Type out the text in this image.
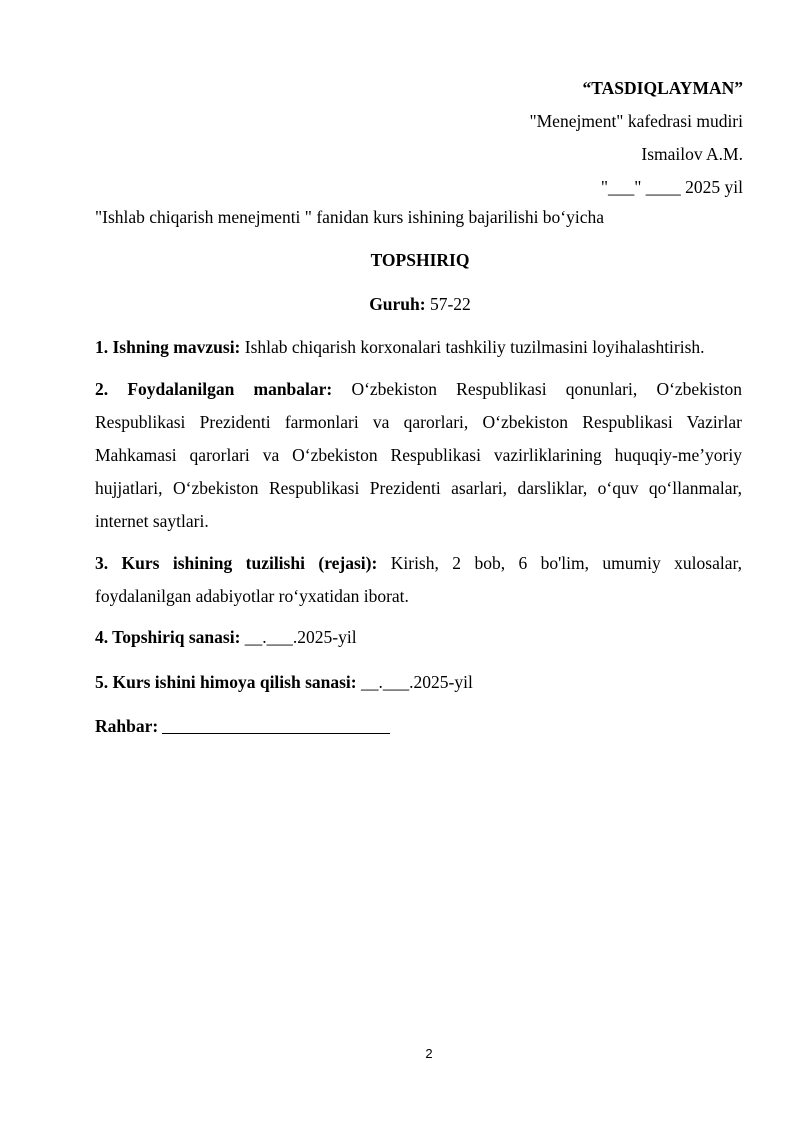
“TASDIQLAYMAN”
"Menejment" kafedrasi mudiri
Ismailov A.M.
"___" ____ 2025 yil
"Ishlab chiqarish menejmenti " fanidan kurs ishining bajarilishi bo‘yicha
TOPSHIRIQ
Guruh: 57-22
1. Ishning mavzusi: Ishlab chiqarish korxonalari tashkiliy tuzilmasini loyihalashtirish.
2. Foydalanilgan manbalar: O‘zbekiston Respublikasi qonunlari, O‘zbekiston Respublikasi Prezidenti farmonlari va qarorlari, O‘zbekiston Respublikasi Vazirlar Mahkamasi qarorlari va O‘zbekiston Respublikasi vazirliklarining huquqiy-me’yoriy hujjatlari, O‘zbekiston Respublikasi Prezidenti asarlari, darsliklar, o‘quv qo‘llanmalar, internet saytlari.
3. Kurs ishining tuzilishi (rejasi): Kirish, 2 bob, 6 bo'lim, umumiy xulosalar, foydalanilgan adabiyotlar ro‘yxatidan iborat.
4. Topshiriq sanasi: __.___.2025-yil
5. Kurs ishini himoya qilish sanasi: __.___.2025-yil
Rahbar:
2
